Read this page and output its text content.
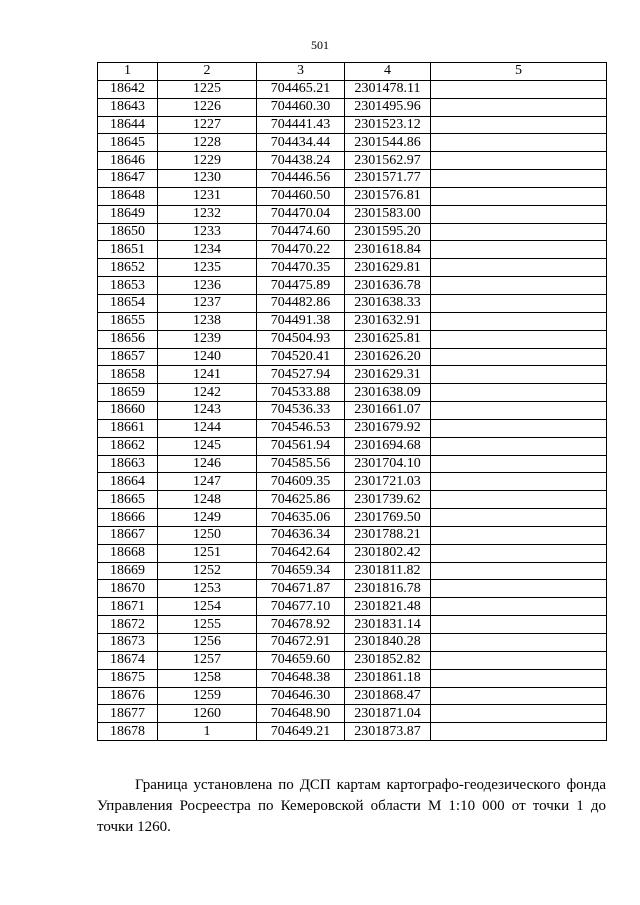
501
1	2	3	4	5
18642	1225	704465.21	2301478.11	
18643	1226	704460.30	2301495.96	
18644	1227	704441.43	2301523.12	
18645	1228	704434.44	2301544.86	
18646	1229	704438.24	2301562.97	
18647	1230	704446.56	2301571.77	
18648	1231	704460.50	2301576.81	
18649	1232	704470.04	2301583.00	
18650	1233	704474.60	2301595.20	
18651	1234	704470.22	2301618.84	
18652	1235	704470.35	2301629.81	
18653	1236	704475.89	2301636.78	
18654	1237	704482.86	2301638.33	
18655	1238	704491.38	2301632.91	
18656	1239	704504.93	2301625.81	
18657	1240	704520.41	2301626.20	
18658	1241	704527.94	2301629.31	
18659	1242	704533.88	2301638.09	
18660	1243	704536.33	2301661.07	
18661	1244	704546.53	2301679.92	
18662	1245	704561.94	2301694.68	
18663	1246	704585.56	2301704.10	
18664	1247	704609.35	2301721.03	
18665	1248	704625.86	2301739.62	
18666	1249	704635.06	2301769.50	
18667	1250	704636.34	2301788.21	
18668	1251	704642.64	2301802.42	
18669	1252	704659.34	2301811.82	
18670	1253	704671.87	2301816.78	
18671	1254	704677.10	2301821.48	
18672	1255	704678.92	2301831.14	
18673	1256	704672.91	2301840.28	
18674	1257	704659.60	2301852.82	
18675	1258	704648.38	2301861.18	
18676	1259	704646.30	2301868.47	
18677	1260	704648.90	2301871.04	
18678	1	704649.21	2301873.87	

Граница установлена по ДСП картам картографо-геодезического фонда Управления Росреестра по Кемеровской области М 1:10 000 от точки 1 до точки 1260.
